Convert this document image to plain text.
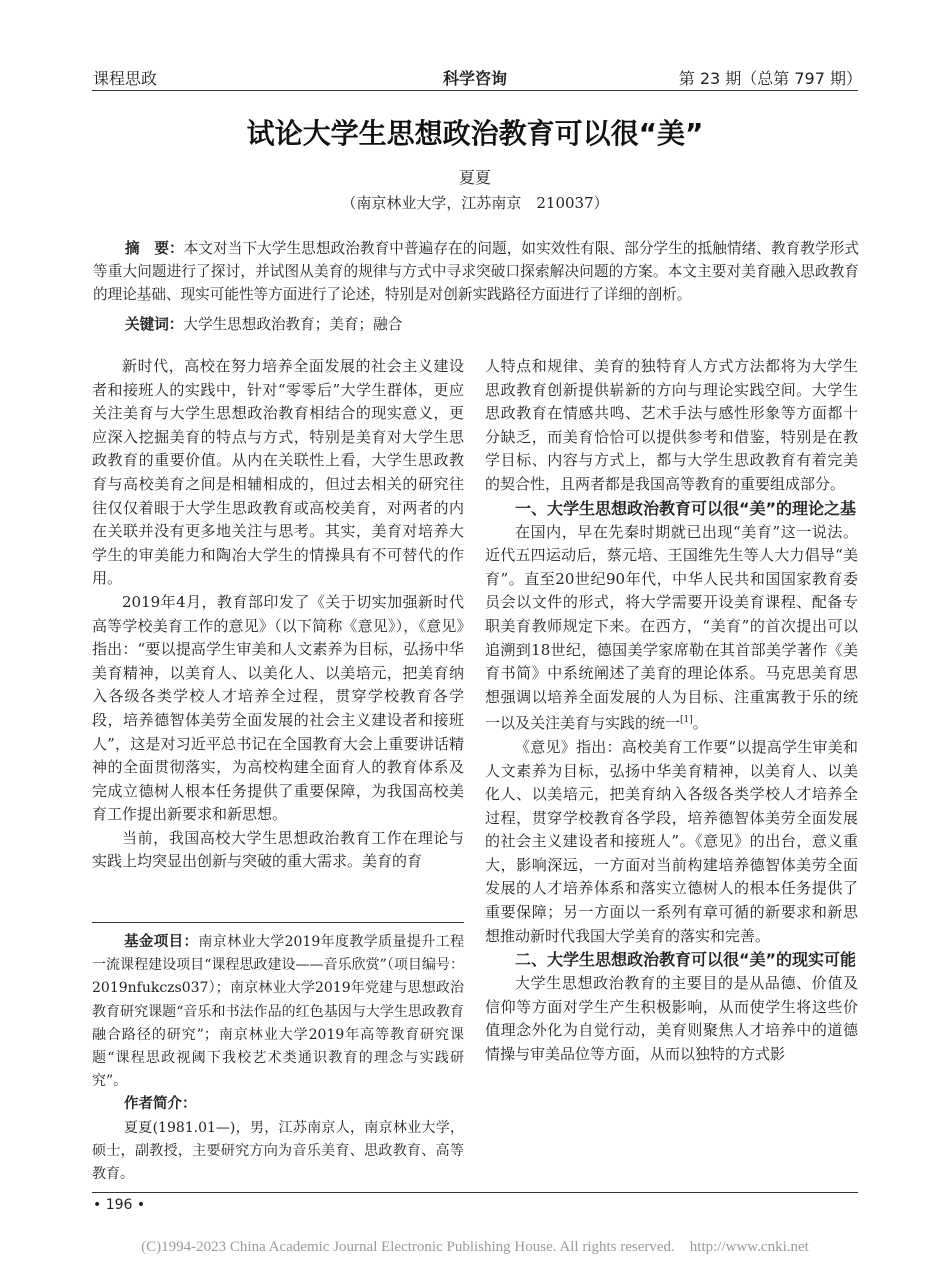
课程思政	科学咨询	第 23 期（总第 797 期）
试论大学生思想政治教育可以很“美”
夏夏
（南京林业大学，江苏南京　210037）
摘　要：本文对当下大学生思想政治教育中普遍存在的问题，如实效性有限、部分学生的抵触情绪、教育教学形式等重大问题进行了探讨，并试图从美育的规律与方式中寻求突破口探索解决问题的方案。本文主要对美育融入思政教育的理论基础、现实可能性等方面进行了论述，特别是对创新实践路径方面进行了详细的剖析。
关键词：大学生思想政治教育；美育；融合

新时代，高校在努力培养全面发展的社会主义建设者和接班人的实践中，针对“零零后”大学生群体，更应关注美育与大学生思想政治教育相结合的现实意义，更应深入挖掘美育的特点与方式，特别是美育对大学生思政教育的重要价值。从内在关联性上看，大学生思政教育与高校美育之间是相辅相成的，但过去相关的研究往往仅仅着眼于大学生思政教育或高校美育，对两者的内在关联并没有更多地关注与思考。其实，美育对培养大学生的审美能力和陶冶大学生的情操具有不可替代的作用。

2019年4月，教育部印发了《关于切实加强新时代高等学校美育工作的意见》（以下简称《意见》），《意见》指出：“要以提高学生审美和人文素养为目标，弘扬中华美育精神，以美育人、以美化人、以美培元，把美育纳入各级各类学校人才培养全过程，贯穿学校教育各学段，培养德智体美劳全面发展的社会主义建设者和接班人”，这是对习近平总书记在全国教育大会上重要讲话精神的全面贯彻落实，为高校构建全面育人的教育体系及完成立德树人根本任务提供了重要保障，为我国高校美育工作提出新要求和新思想。

当前，我国高校大学生思想政治教育工作在理论与实践上均突显出创新与突破的重大需求。美育的育

基金项目：南京林业大学2019年度教学质量提升工程一流课程建设项目“课程思政建设——音乐欣赏”（项目编号：2019nfukczs037）；南京林业大学2019年党建与思想政治教育研究课题“音乐和书法作品的红色基因与大学生思政教育融合路径的研究”；南京林业大学2019年高等教育研究课题“课程思政视阈下我校艺术类通识教育的理念与实践研究”。

作者简介：

夏夏(1981.01—)，男，江苏南京人，南京林业大学，硕士，副教授，主要研究方向为音乐美育、思政教育、高等教育。

人特点和规律、美育的独特育人方式方法都将为大学生思政教育创新提供崭新的方向与理论实践空间。大学生思政教育在情感共鸣、艺术手法与感性形象等方面都十分缺乏，而美育恰恰可以提供参考和借鉴，特别是在教学目标、内容与方式上，都与大学生思政教育有着完美的契合性，且两者都是我国高等教育的重要组成部分。

一、大学生思想政治教育可以很“美”的理论之基

在国内，早在先秦时期就已出现“美育”这一说法。近代五四运动后，蔡元培、王国维先生等人大力倡导“美育”。直至20世纪90年代，中华人民共和国国家教育委员会以文件的形式，将大学需要开设美育课程、配备专职美育教师规定下来。在西方，“美育”的首次提出可以追溯到18世纪，德国美学家席勒在其首部美学著作《美育书简》中系统阐述了美育的理论体系。马克思美育思想强调以培养全面发展的人为目标、注重寓教于乐的统一以及关注美育与实践的统一[1]。

《意见》指出：高校美育工作要“以提高学生审美和人文素养为目标，弘扬中华美育精神，以美育人、以美化人、以美培元，把美育纳入各级各类学校人才培养全过程，贯穿学校教育各学段，培养德智体美劳全面发展的社会主义建设者和接班人”。《意见》的出台，意义重大，影响深远，一方面对当前构建培养德智体美劳全面发展的人才培养体系和落实立德树人的根本任务提供了重要保障；另一方面以一系列有章可循的新要求和新思想推动新时代我国大学美育的落实和完善。

二、大学生思想政治教育可以很“美”的现实可能

大学生思想政治教育的主要目的是从品德、价值及信仰等方面对学生产生积极影响，从而使学生将这些价值理念外化为自觉行动，美育则聚焦人才培养中的道德情操与审美品位等方面，从而以独特的方式影

• 196 •
(C)1994-2023 China Academic Journal Electronic Publishing House. All rights reserved.　http://www.cnki.net
